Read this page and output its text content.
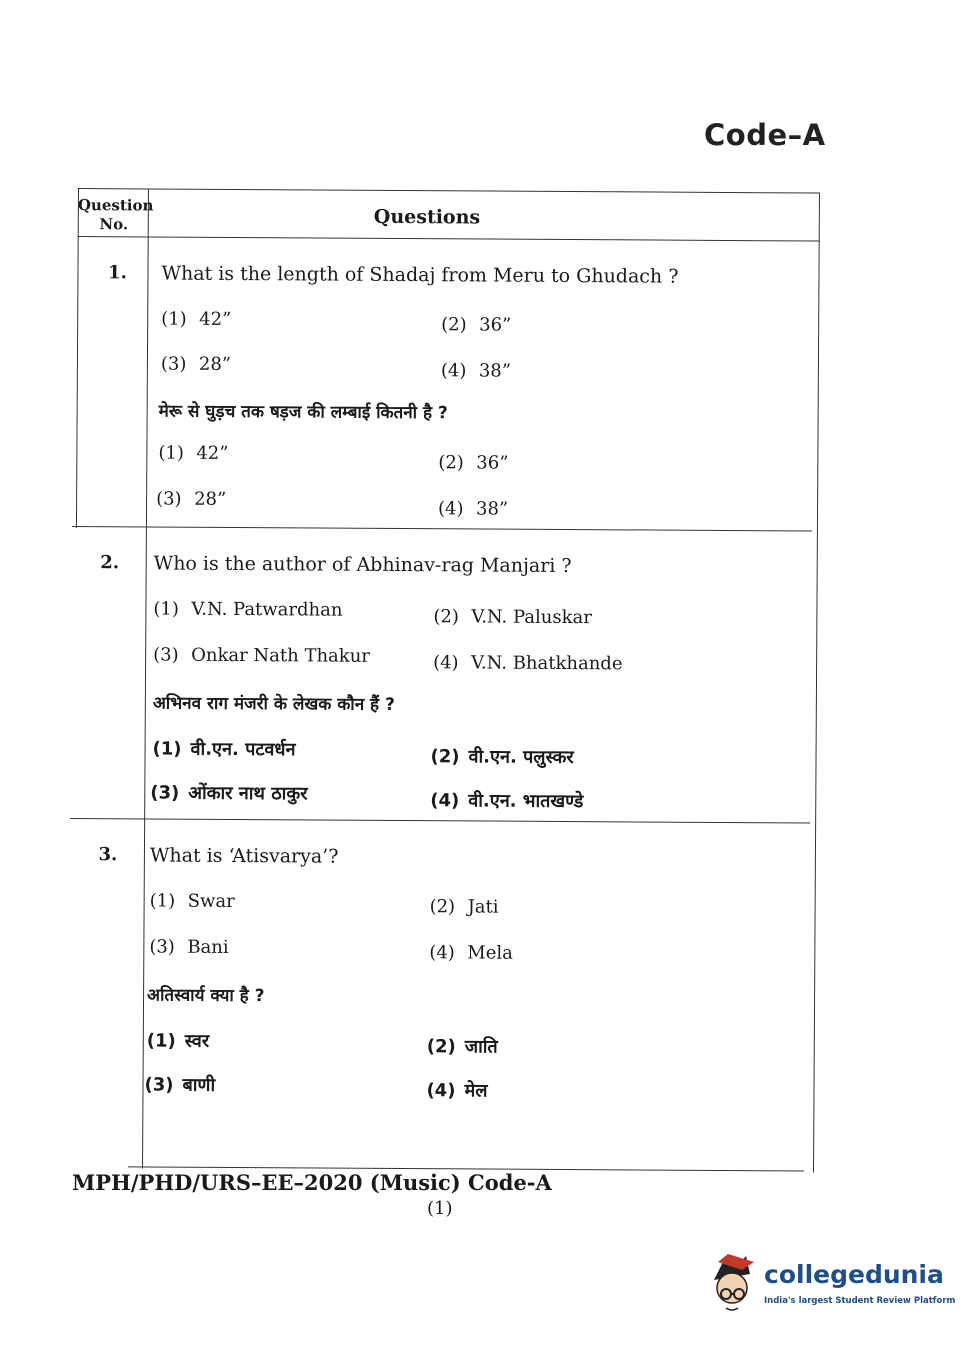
Code–A
Question No.	Questions
1.	What is the length of Shadaj from Meru to Ghudach ?
(1) 42”	(2) 36”
(3) 28”	(4) 38”
मेरू से घुड़च तक षड़ज की लम्बाई कितनी है ?
(1) 42”	(2) 36”
(3) 28”	(4) 38”
2.	Who is the author of Abhinav-rag Manjari ?
(1) V.N. Patwardhan	(2) V.N. Paluskar
(3) Onkar Nath Thakur	(4) V.N. Bhatkhande
अभिनव राग मंजरी के लेखक कौन हैं ?
(1) वी.एन. पटवर्धन	(2) वी.एन. पलुस्कर
(3) ओंकार नाथ ठाकुर	(4) वी.एन. भातखण्डे
3.	What is ‘Atisvarya’?
(1) Swar	(2) Jati
(3) Bani	(4) Mela
अतिस्वार्य क्या है ?
(1) स्वर	(2) जाति
(3) बाणी	(4) मेल
MPH/PHD/URS–EE–2020 (Music) Code-A
(1)
collegedunia
India's largest Student Review Platform
